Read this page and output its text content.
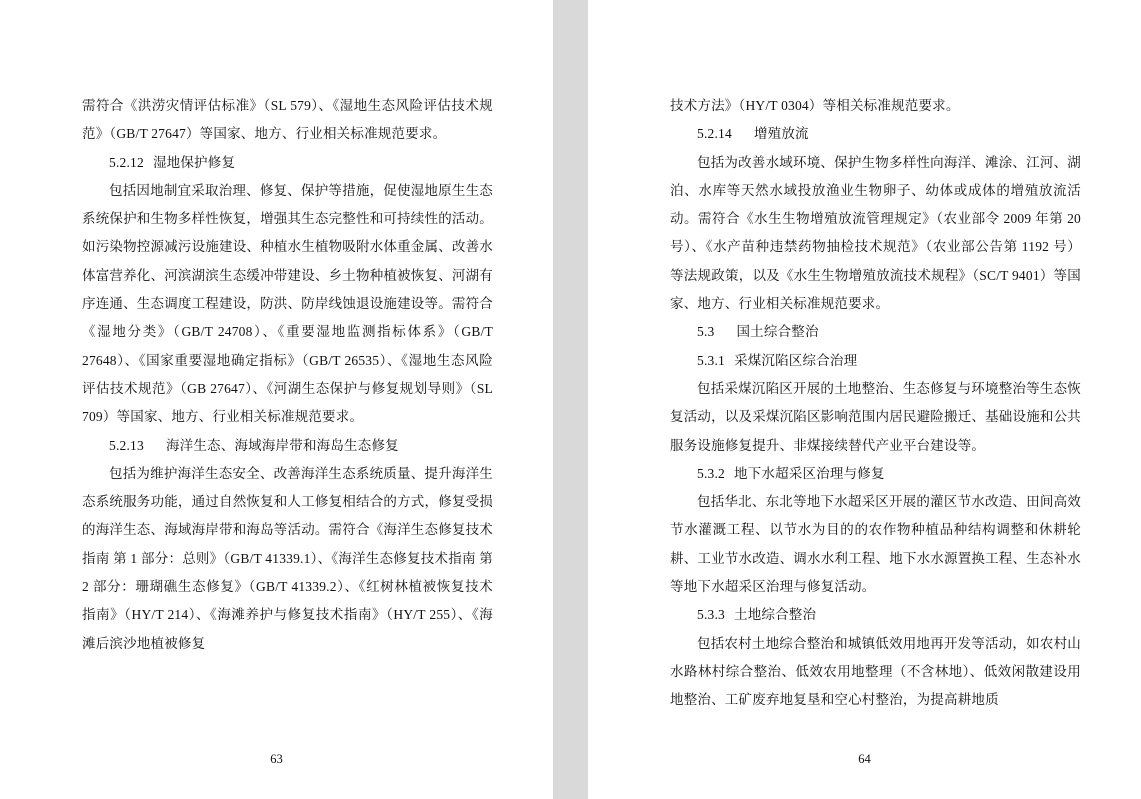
需符合《洪涝灾情评估标准》（SL 579）、《湿地生态风险评估技术规范》（GB/T 27647）等国家、地方、行业相关标准规范要求。

5.2.12 湿地保护修复

包括因地制宜采取治理、修复、保护等措施，促使湿地原生生态系统保护和生物多样性恢复，增强其生态完整性和可持续性的活动。如污染物控源减污设施建设、种植水生植物吸附水体重金属、改善水体富营养化、河滨湖滨生态缓冲带建设、乡土物种植被恢复、河湖有序连通、生态调度工程建设，防洪、防岸线蚀退设施建设等。需符合《湿地分类》（GB/T 24708）、《重要湿地监测指标体系》（GB/T 27648）、《国家重要湿地确定指标》（GB/T 26535）、《湿地生态风险评估技术规范》（GB 27647）、《河湖生态保护与修复规划导则》（SL 709）等国家、地方、行业相关标准规范要求。

5.2.13 海洋生态、海域海岸带和海岛生态修复

包括为维护海洋生态安全、改善海洋生态系统质量、提升海洋生态系统服务功能，通过自然恢复和人工修复相结合的方式，修复受损的海洋生态、海域海岸带和海岛等活动。需符合《海洋生态修复技术指南 第 1 部分：总则》（GB/T 41339.1）、《海洋生态修复技术指南 第 2 部分：珊瑚礁生态修复》（GB/T 41339.2）、《红树林植被恢复技术指南》（HY/T 214）、《海滩养护与修复技术指南》（HY/T 255）、《海滩后滨沙地植被修复

63

技术方法》（HY/T 0304）等相关标准规范要求。

5.2.14 增殖放流

包括为改善水域环境、保护生物多样性向海洋、滩涂、江河、湖泊、水库等天然水域投放渔业生物卵子、幼体或成体的增殖放流活动。需符合《水生生物增殖放流管理规定》（农业部令 2009 年第 20 号）、《水产苗种违禁药物抽检技术规范》（农业部公告第 1192 号）等法规政策，以及《水生生物增殖放流技术规程》（SC/T 9401）等国家、地方、行业相关标准规范要求。

5.3 国土综合整治

5.3.1 采煤沉陷区综合治理

包括采煤沉陷区开展的土地整治、生态修复与环境整治等生态恢复活动，以及采煤沉陷区影响范围内居民避险搬迁、基础设施和公共服务设施修复提升、非煤接续替代产业平台建设等。

5.3.2 地下水超采区治理与修复

包括华北、东北等地下水超采区开展的灌区节水改造、田间高效节水灌溉工程、以节水为目的的农作物种植品种结构调整和休耕轮耕、工业节水改造、调水水利工程、地下水水源置换工程、生态补水等地下水超采区治理与修复活动。

5.3.3 土地综合整治

包括农村土地综合整治和城镇低效用地再开发等活动，如农村山水路林村综合整治、低效农用地整理（不含林地）、低效闲散建设用地整治、工矿废弃地复垦和空心村整治，为提高耕地质

64
